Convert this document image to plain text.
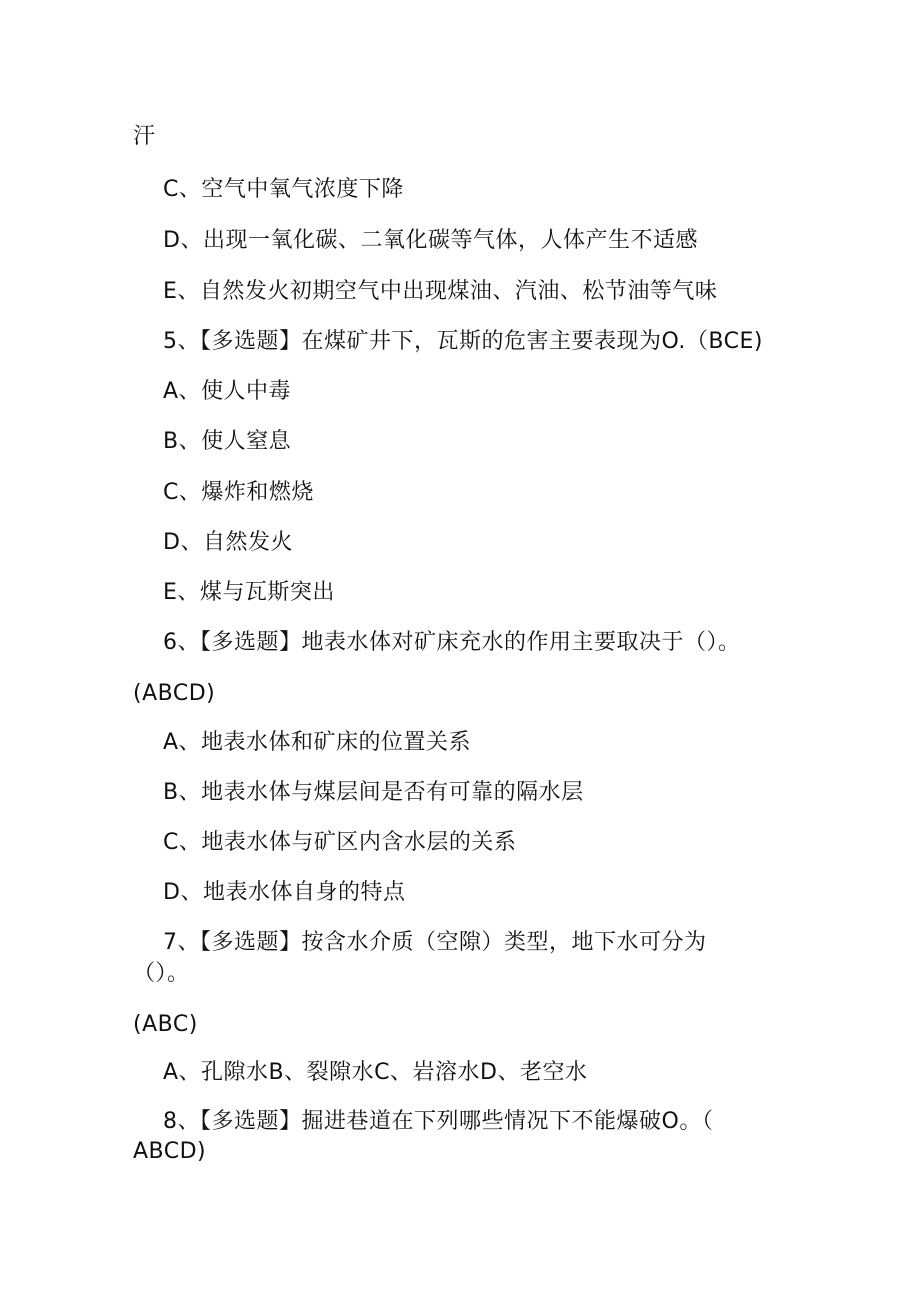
汗
C、空气中氧气浓度下降
D、出现一氧化碳、二氧化碳等气体，人体产生不适感
E、自然发火初期空气中出现煤油、汽油、松节油等气味
5、【多选题】在煤矿井下，瓦斯的危害主要表现为O.（BCE)
A、使人中毒
B、使人窒息
C、爆炸和燃烧
D、自然发火
E、煤与瓦斯突出
6、【多选题】地表水体对矿床充水的作用主要取决于（）。
(ABCD)
A、地表水体和矿床的位置关系
B、地表水体与煤层间是否有可靠的隔水层
C、地表水体与矿区内含水层的关系
D、地表水体自身的特点
7、【多选题】按含水介质（空隙）类型，地下水可分为
（）。
(ABC)
A、孔隙水B、裂隙水C、岩溶水D、老空水
8、【多选题】掘进巷道在下列哪些情况下不能爆破O。（
ABCD)
